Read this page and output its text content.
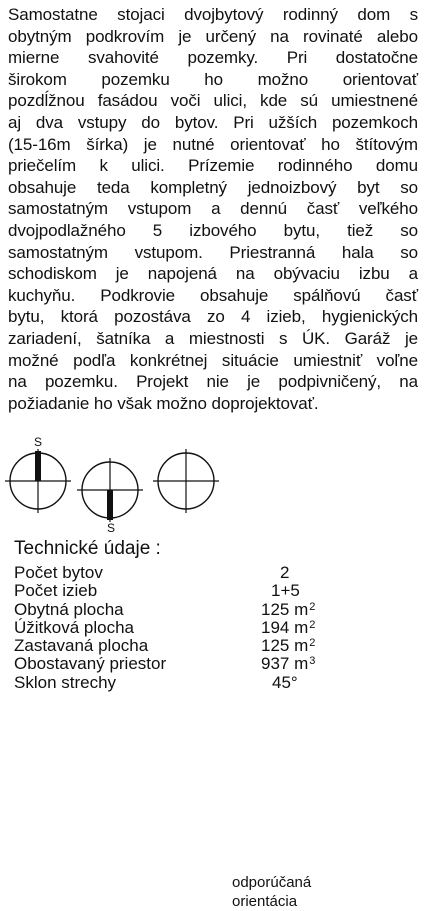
Samostatne stojaci dvojbytový rodinný dom s
obytným podkrovím je určený na rovinaté alebo
mierne svahovité pozemky. Pri dostatočne
širokom pozemku ho možno orientovať
pozdĺžnou fasádou voči ulici, kde sú umiestnené
aj dva vstupy do bytov. Pri užších pozemkoch
(15-16m šírka) je nutné orientovať ho štítovým
priečelím k ulici. Prízemie rodinného domu
obsahuje teda kompletný jednoizbový byt so
samostatným vstupom a dennú časť veľkého
dvojpodlažného 5 izbového bytu, tiež so
samostatným vstupom. Priestranná hala so
schodiskom je napojená na obývaciu izbu a
kuchyňu. Podkrovie obsahuje spálňovú časť
bytu, ktorá pozostáva zo 4 izieb, hygienických
zariadení, šatníka a miestnosti s ÚK. Garáž je
možné podľa konkrétnej situácie umiestniť voľne
na pozemku. Projekt nie je podpivničený, na
požiadanie ho však možno doprojektovať.
S
S
odporúčaná
orientácia
Technické údaje :
Počet bytov	2
Počet izieb	1+5
Obytná plocha	125 $m^2$
Úžitková plocha	194 $m^2$
Zastavaná plocha	125 $m^2$
Obostavaný priestor	937 $m^3$
Sklon strechy	45°
